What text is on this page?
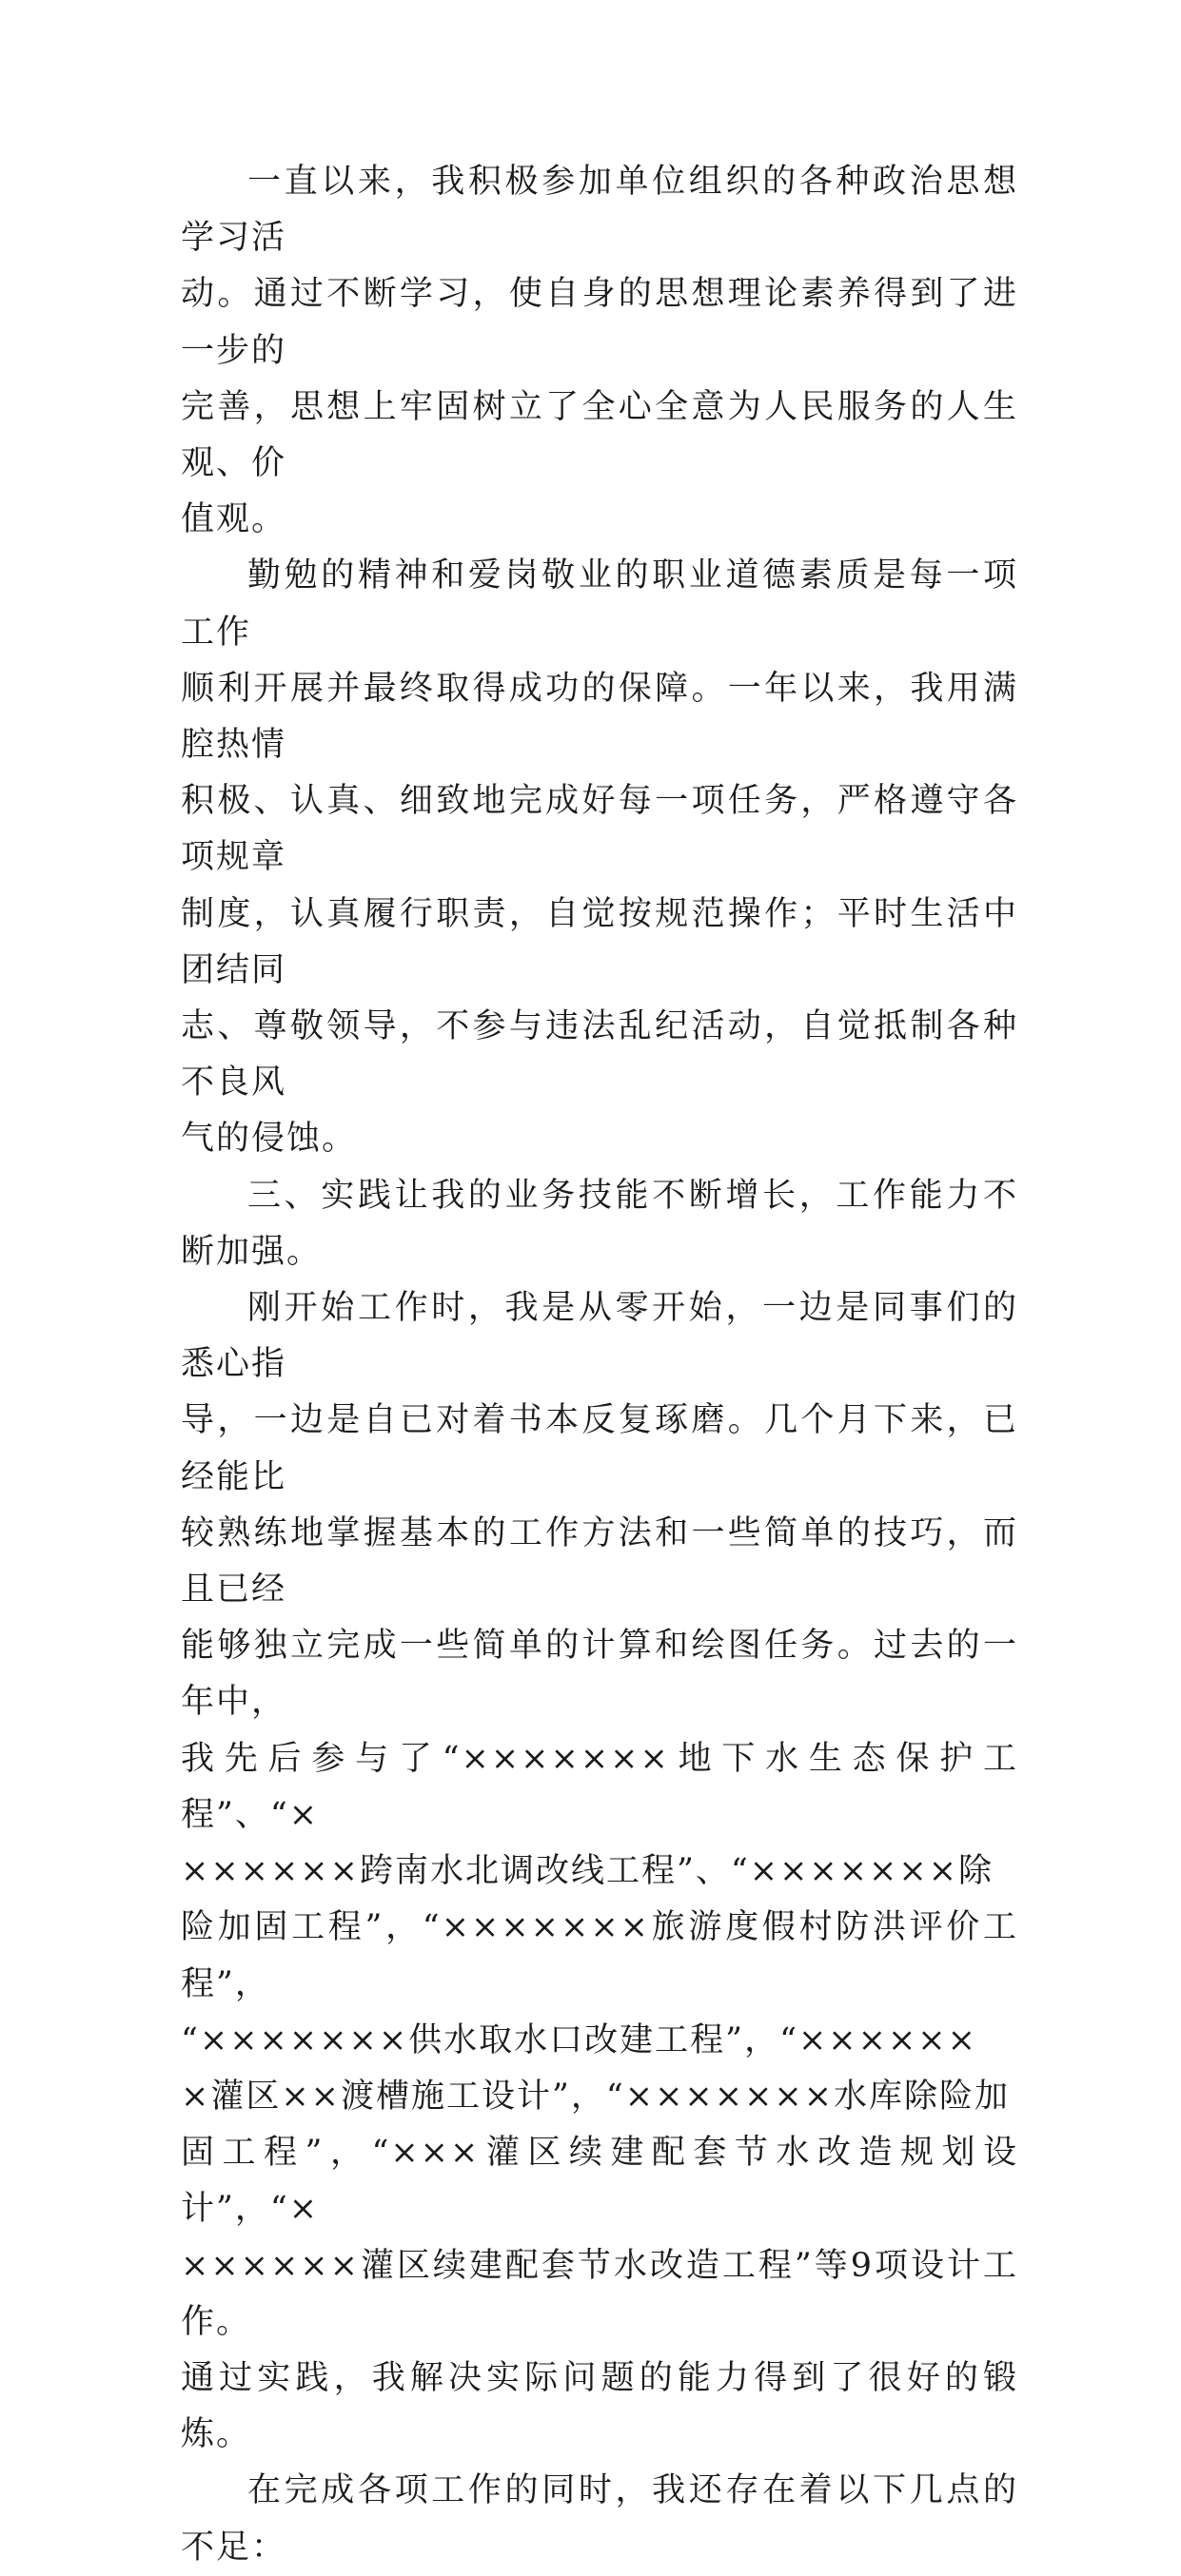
一直以来，我积极参加单位组织的各种政治思想学习活
动。通过不断学习，使自身的思想理论素养得到了进一步的
完善，思想上牢固树立了全心全意为人民服务的人生观、价
值观。

勤勉的精神和爱岗敬业的职业道德素质是每一项工作
顺利开展并最终取得成功的保障。一年以来，我用满腔热情
积极、认真、细致地完成好每一项任务，严格遵守各项规章
制度，认真履行职责，自觉按规范操作；平时生活中团结同
志、尊敬领导，不参与违法乱纪活动，自觉抵制各种不良风
气的侵蚀。

三、实践让我的业务技能不断增长，工作能力不断加强。

刚开始工作时，我是从零开始，一边是同事们的悉心指
导，一边是自已对着书本反复琢磨。几个月下来，已经能比
较熟练地掌握基本的工作方法和一些简单的技巧，而且已经
能够独立完成一些简单的计算和绘图任务。过去的一年中，
我先后参与了“×××××××地下水生态保护工程”、“×
××××××跨南水北调改线工程”、“×××××××除
险加固工程”，“×××××××旅游度假村防洪评价工程”，
“×××××××供水取水口改建工程”，“××××××
×灌区××渡槽施工设计”，“×××××××水库除险加
固工程”，“×××灌区续建配套节水改造规划设计”，“×
××××××灌区续建配套节水改造工程”等9项设计工作。
通过实践，我解决实际问题的能力得到了很好的锻炼。

在完成各项工作的同时，我还存在着以下几点的不足：
